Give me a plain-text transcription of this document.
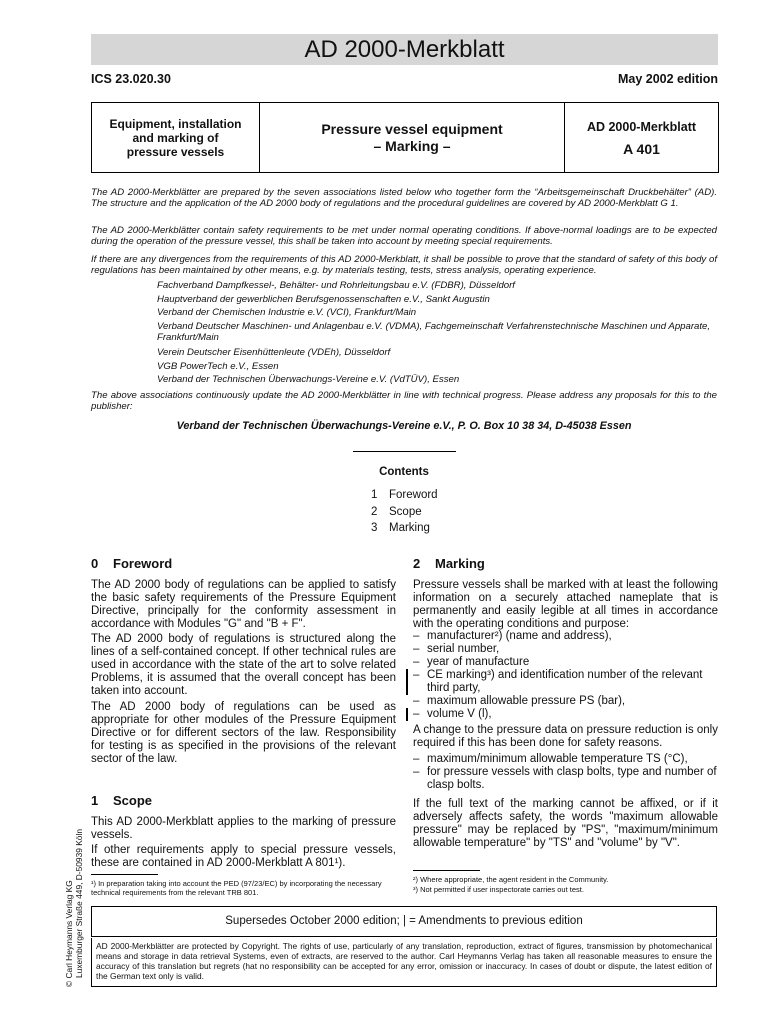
AD 2000-Merkblatt
ICS 23.020.30	May 2002 edition
Equipment, installation
and marking of
pressure vessels
Pressure vessel equipment
– Marking –
AD 2000-Merkblatt
A 401
The AD 2000-Merkblätter are prepared by the seven associations listed below who together form the “Arbeitsgemeinschaft Druckbehälter” (AD). The structure and the application of the AD 2000 body of regulations and the procedural guidelines are covered by AD 2000-Merkblatt G 1.
The AD 2000-Merkblätter contain safety requirements to be met under normal operating conditions. If above-normal loadings are to be expected during the operation of the pressure vessel, this shall be taken into account by meeting special requirements.
If there are any divergences from the requirements of this AD 2000-Merkblatt, it shall be possible to prove that the standard of safety of this body of regulations has been maintained by other means, e.g. by materials testing, tests, stress analysis, operating experience.
Fachverband Dampfkessel-, Behälter- und Rohrleitungsbau e.V. (FDBR), Düsseldorf
Hauptverband der gewerblichen Berufsgenossenschaften e.V., Sankt Augustin
Verband der Chemischen Industrie e.V. (VCI), Frankfurt/Main
Verband Deutscher Maschinen- und Anlagenbau e.V. (VDMA), Fachgemeinschaft Verfahrenstechnische Maschinen und Apparate, Frankfurt/Main
Verein Deutscher Eisenhüttenleute (VDEh), Düsseldorf
VGB PowerTech e.V., Essen
Verband der Technischen Überwachungs-Vereine e.V. (VdTÜV), Essen
The above associations continuously update the AD 2000-Merkblätter in line with technical progress. Please address any proposals for this to the publisher:
Verband der Technischen Überwachungs-Vereine e.V., P. O. Box 10 38 34, D-45038 Essen
Contents
1 Foreword
2 Scope
3 Marking
0 Foreword
The AD 2000 body of regulations can be applied to satisfy the basic safety requirements of the Pressure Equipment Directive, principally for the conformity assessment in accordance with Modules "G" and "B + F".
The AD 2000 body of regulations is structured along the lines of a self-contained concept. If other technical rules are used in accordance with the state of the art to solve related Problems, it is assumed that the overall concept has been taken into account.
The AD 2000 body of regulations can be used as appropriate for other modules of the Pressure Equipment Directive or for different sectors of the law. Responsibility for testing is as specified in the provisions of the relevant sector of the law.
1 Scope
This AD 2000-Merkblatt applies to the marking of pressure vessels.
If other requirements apply to special pressure vessels, these are contained in AD 2000-Merkblatt A 801¹).
¹) In preparation taking into account the PED (97/23/EC) by incorporating the necessary technical requirements from the relevant TRB 801.
2 Marking
Pressure vessels shall be marked with at least the following information on a securely attached nameplate that is permanently and easily legible at all times in accordance with the operating conditions and purpose:
– manufacturer²) (name and address),
– serial number,
– year of manufacture
– CE marking³) and identification number of the relevant third party,
– maximum allowable pressure PS (bar),
– volume V (l),
A change to the pressure data on pressure reduction is only required if this has been done for safety reasons.
– maximum/minimum allowable temperature TS (°C),
– for pressure vessels with clasp bolts, type and number of clasp bolts.
If the full text of the marking cannot be affixed, or if it adversely affects safety, the words "maximum allowable pressure" may be replaced by "PS", "maximum/minimum allowable temperature" by "TS" and "volume" by "V".
²) Where appropriate, the agent resident in the Community.
³) Not permitted if user inspectorate carries out test.
Supersedes October 2000 edition; | = Amendments to previous edition
AD 2000-Merkblätter are protected by Copyright. The rights of use, particularly of any translation, reproduction, extract of figures, transmission by photomechanical means and storage in data retrieval Systems, even of extracts, are reserved to the author. Carl Heymanns Verlag has taken all reasonable measures to ensure the accuracy of this translation but regrets (hat no responsibility can be accepted for any error, omission or inaccuracy. In cases of doubt or dispute, the latest edition of the German text only is valid.
© Carl Heymanns Verlag KG Luxemburger Straße 449, D-50939 Köln
